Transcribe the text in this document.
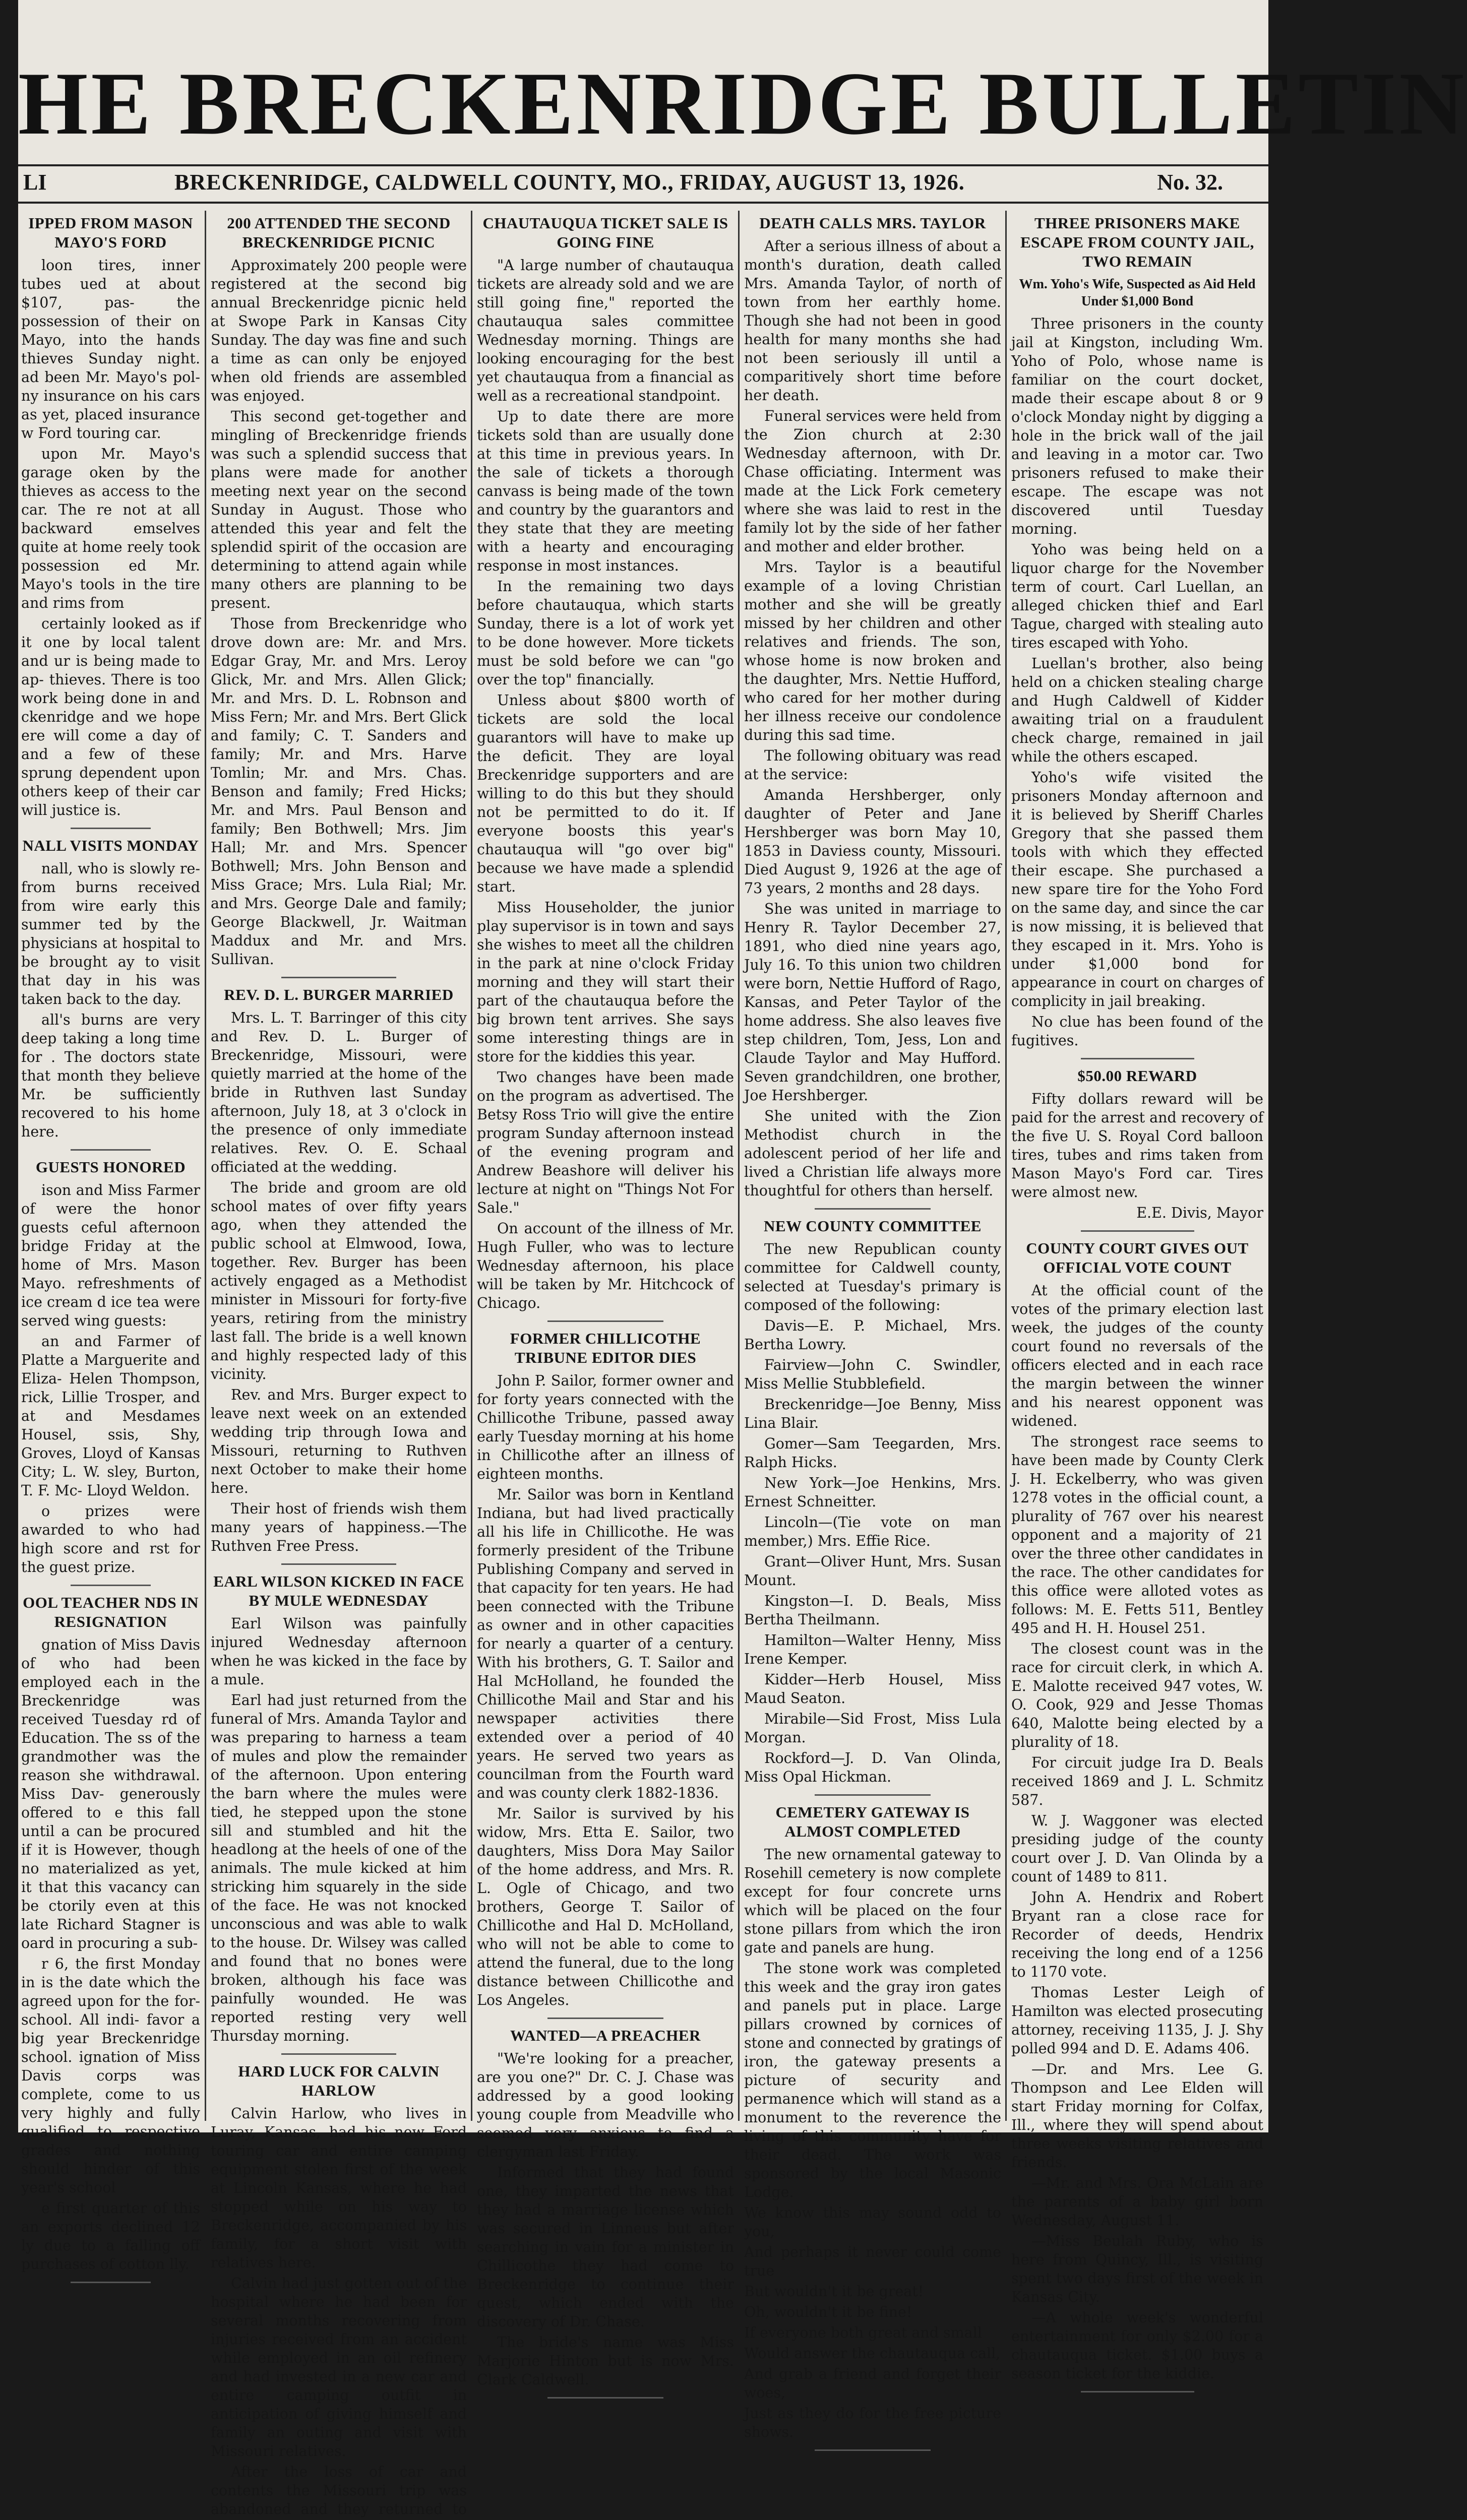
HE BRECKENRIDGE BULLETIN
LI	BRECKENRIDGE, CALDWELL COUNTY, MO., FRIDAY, AUGUST 13, 1926.	No. 32.
IPPED FROM MASON MAYO'S FORD

loon tires, inner tubes ued at about $107, pas- the possession of their on Mayo, into the hands thieves Sunday night. ad been Mr. Mayo's pol- ny insurance on his cars as yet, placed insurance w Ford touring car.

upon Mr. Mayo's garage oken by the thieves as access to the car. The re not at all backward emselves quite at home reely took possession ed Mr. Mayo's tools in the tire and rims from

certainly looked as if it one by local talent and ur is being made to ap- thieves. There is too work being done in and ckenridge and we hope ere will come a day of and a few of these sprung dependent upon others keep of their car will justice is.

NALL VISITS MONDAY

nall, who is slowly re- from burns received from wire early this summer ted by the physicians at hospital to be brought ay to visit that day in his was taken back to the day.

all's burns are very deep taking a long time for . The doctors state that month they believe Mr. be sufficiently recovered to his home here.

GUESTS HONORED

ison and Miss Farmer of were the honor guests ceful afternoon bridge Friday at the home of Mrs. Mason Mayo. refreshments of ice cream d ice tea were served wing guests:

an and Farmer of Platte a Marguerite and Eliza- Helen Thompson, rick, Lillie Trosper, and at and Mesdames Housel, ssis, Shy, Groves, Lloyd of Kansas City; L. W. sley, Burton, T. F. Mc- Lloyd Weldon.

o prizes were awarded to who had high score and rst for the guest prize.

OOL TEACHER NDS IN RESIGNATION

gnation of Miss Davis of who had been employed each in the Breckenridge was received Tuesday rd of Education. The ss of the grandmother was the reason she withdrawal. Miss Dav- generously offered to e this fall until a can be procured if it is However, though no materialized as yet, it that this vacancy can be ctorily even at this late Richard Stagner is oard in procuring a sub-

r 6, the first Monday in is the date which the agreed upon for the for- school. All indi- favor a big year Breckenridge school. ignation of Miss Davis corps was complete, come to us very highly and fully qualified to respective grades and nothing should hinder of this year's school

e first quarter of this an exports declined 12 ly due to a falling off purchases of cotton lly.

200 ATTENDED THE SECOND BRECKENRIDGE PICNIC

Approximately 200 people were registered at the second big annual Breckenridge picnic held at Swope Park in Kansas City Sunday. The day was fine and such a time as can only be enjoyed when old friends are assembled was enjoyed.

This second get-together and mingling of Breckenridge friends was such a splendid success that plans were made for another meeting next year on the second Sunday in August. Those who attended this year and felt the splendid spirit of the occasion are determining to attend again while many others are planning to be present.

Those from Breckenridge who drove down are: Mr. and Mrs. Edgar Gray, Mr. and Mrs. Leroy Glick, Mr. and Mrs. Allen Glick; Mr. and Mrs. D. L. Robnson and Miss Fern; Mr. and Mrs. Bert Glick and family; C. T. Sanders and family; Mr. and Mrs. Harve Tomlin; Mr. and Mrs. Chas. Benson and family; Fred Hicks; Mr. and Mrs. Paul Benson and family; Ben Bothwell; Mrs. Jim Hall; Mr. and Mrs. Spencer Bothwell; Mrs. John Benson and Miss Grace; Mrs. Lula Rial; Mr. and Mrs. George Dale and family; George Blackwell, Jr. Waitman Maddux and Mr. and Mrs. Sullivan.

REV. D. L. BURGER MARRIED

Mrs. L. T. Barringer of this city and Rev. D. L. Burger of Breckenridge, Missouri, were quietly married at the home of the bride in Ruthven last Sunday afternoon, July 18, at 3 o'clock in the presence of only immediate relatives. Rev. O. E. Schaal officiated at the wedding.

The bride and groom are old school mates of over fifty years ago, when they attended the public school at Elmwood, Iowa, together. Rev. Burger has been actively engaged as a Methodist minister in Missouri for forty-five years, retiring from the ministry last fall. The bride is a well known and highly respected lady of this vicinity.

Rev. and Mrs. Burger expect to leave next week on an extended wedding trip through Iowa and Missouri, returning to Ruthven next October to make their home here.

Their host of friends wish them many years of happiness.—The Ruthven Free Press.

EARL WILSON KICKED IN FACE BY MULE WEDNESDAY

Earl Wilson was painfully injured Wednesday afternoon when he was kicked in the face by a mule.

Earl had just returned from the funeral of Mrs. Amanda Taylor and was preparing to harness a team of mules and plow the remainder of the afternoon. Upon entering the barn where the mules were tied, he stepped upon the stone sill and stumbled and hit the headlong at the heels of one of the animals. The mule kicked at him stricking him squarely in the side of the face. He was not knocked unconscious and was able to walk to the house. Dr. Wilsey was called and found that no bones were broken, although his face was painfully wounded. He was reported resting very well Thursday morning.

HARD LUCK FOR CALVIN HARLOW

Calvin Harlow, who lives in Luray, Kansas, had his new Ford touring car and entire camping equipment stolen first of the week at Lincoln Kansas, where he had stopped while on his way to Breckenridge, accompanied by his family, for a short visit with relatives here.

Calvin had just gotten out of the hospital where he had been for several months recovering from injuries received from an accident while employed in an oil refinery and had invested in a new car and entire camping outfit in anticipation of giving himself and family an outing and visit with Missouri relatives.

After the loss of car and contents the Missouri trip was abandoned and they returned to

CHAUTAUQUA TICKET SALE IS GOING FINE

"A large number of chautauqua tickets are already sold and we are still going fine," reported the chautauqua sales committee Wednesday morning. Things are looking encouraging for the best yet chautauqua from a financial as well as a recreational standpoint.

Up to date there are more tickets sold than are usually done at this time in previous years. In the sale of tickets a thorough canvass is being made of the town and country by the guarantors and they state that they are meeting with a hearty and encouraging response in most instances.

In the remaining two days before chautauqua, which starts Sunday, there is a lot of work yet to be done however. More tickets must be sold before we can "go over the top" financially.

Unless about $800 worth of tickets are sold the local guarantors will have to make up the deficit. They are loyal Breckenridge supporters and are willing to do this but they should not be permitted to do it. If everyone boosts this year's chautauqua will "go over big" because we have made a splendid start.

Miss Householder, the junior play supervisor is in town and says she wishes to meet all the children in the park at nine o'clock Friday morning and they will start their part of the chautauqua before the big brown tent arrives. She says some interesting things are in store for the kiddies this year.

Two changes have been made on the program as advertised. The Betsy Ross Trio will give the entire program Sunday afternoon instead of the evening program and Andrew Beashore will deliver his lecture at night on "Things Not For Sale."

On account of the illness of Mr. Hugh Fuller, who was to lecture Wednesday afternoon, his place will be taken by Mr. Hitchcock of Chicago.

FORMER CHILLICOTHE TRIBUNE EDITOR DIES

John P. Sailor, former owner and for forty years connected with the Chillicothe Tribune, passed away early Tuesday morning at his home in Chillicothe after an illness of eighteen months.

Mr. Sailor was born in Kentland Indiana, but had lived practically all his life in Chillicothe. He was formerly president of the Tribune Publishing Company and served in that capacity for ten years. He had been connected with the Tribune as owner and in other capacities for nearly a quarter of a century. With his brothers, G. T. Sailor and Hal McHolland, he founded the Chillicothe Mail and Star and his newspaper activities there extended over a period of 40 years. He served two years as councilman from the Fourth ward and was county clerk 1882-1836.

Mr. Sailor is survived by his widow, Mrs. Etta E. Sailor, two daughters, Miss Dora May Sailor of the home address, and Mrs. R. L. Ogle of Chicago, and two brothers, George T. Sailor of Chillicothe and Hal D. McHolland, who will not be able to come to attend the funeral, due to the long distance between Chillicothe and Los Angeles.

WANTED—A PREACHER

"We're looking for a preacher, are you one?" Dr. C. J. Chase was addressed by a good looking young couple from Meadville who seemed very anxious to find a clergyman last Friday.

Informed that they had found one, they imparted the news that they had a marriage license which was secured in Linneus but after searching in vain for a minister in Chillicothe they had come to Breckenridge to continue their quest, which ended with the discovery of Dr. Chase.

The bride's name was Miss Marjorie Hinton but is now Mrs. Clark Caldwell.

DEATH CALLS MRS. TAYLOR

After a serious illness of about a month's duration, death called Mrs. Amanda Taylor, of north of town from her earthly home. Though she had not been in good health for many months she had not been seriously ill until a comparitively short time before her death.

Funeral services were held from the Zion church at 2:30 Wednesday afternoon, with Dr. Chase officiating. Interment was made at the Lick Fork cemetery where she was laid to rest in the family lot by the side of her father and mother and elder brother.

Mrs. Taylor is a beautiful example of a loving Christian mother and she will be greatly missed by her children and other relatives and friends. The son, whose home is now broken and the daughter, Mrs. Nettie Hufford, who cared for her mother during her illness receive our condolence during this sad time.

The following obituary was read at the service:

Amanda Hershberger, only daughter of Peter and Jane Hershberger was born May 10, 1853 in Daviess county, Missouri. Died August 9, 1926 at the age of 73 years, 2 months and 28 days.

She was united in marriage to Henry R. Taylor December 27, 1891, who died nine years ago, July 16. To this union two children were born, Nettie Hufford of Rago, Kansas, and Peter Taylor of the home address. She also leaves five step children, Tom, Jess, Lon and Claude Taylor and May Hufford. Seven grandchildren, one brother, Joe Hershberger.

She united with the Zion Methodist church in the adolescent period of her life and lived a Christian life always more thoughtful for others than herself.

NEW COUNTY COMMITTEE

The new Republican county committee for Caldwell county, selected at Tuesday's primary is composed of the following:

Davis—E. P. Michael, Mrs. Bertha Lowry.

Fairview—John C. Swindler, Miss Mellie Stubblefield.

Breckenridge—Joe Benny, Miss Lina Blair.

Gomer—Sam Teegarden, Mrs. Ralph Hicks.

New York—Joe Henkins, Mrs. Ernest Schneitter.

Lincoln—(Tie vote on man member,) Mrs. Effie Rice.

Grant—Oliver Hunt, Mrs. Susan Mount.

Kingston—I. D. Beals, Miss Bertha Theilmann.

Hamilton—Walter Henny, Miss Irene Kemper.

Kidder—Herb Housel, Miss Maud Seaton.

Mirabile—Sid Frost, Miss Lula Morgan.

Rockford—J. D. Van Olinda, Miss Opal Hickman.

CEMETERY GATEWAY IS ALMOST COMPLETED

The new ornamental gateway to Rosehill cemetery is now complete except for four concrete urns which will be placed on the four stone pillars from which the iron gate and panels are hung.

The stone work was completed this week and the gray iron gates and panels put in place. Large pillars crowned by cornices of stone and connected by gratings of iron, the gateway presents a picture of security and permanence which will stand as a monument to the reverence the living of this community have for their dead. The work was sponsored by the local Masonic Lodge.

We know this may sound odd to you,

And perhaps it never could come true

But wouldn't it be great!

Oh, wouldn't it be fine!

If everyone both great and small

Would answer the chautauqua call,

And grab a friend and forget their woes,

Just as they do for the free picture shows.

THREE PRISONERS MAKE ESCAPE FROM COUNTY JAIL, TWO REMAIN
Wm. Yoho's Wife, Suspected as Aid Held Under $1,000 Bond

Three prisoners in the county jail at Kingston, including Wm. Yoho of Polo, whose name is familiar on the court docket, made their escape about 8 or 9 o'clock Monday night by digging a hole in the brick wall of the jail and leaving in a motor car. Two prisoners refused to make their escape. The escape was not discovered until Tuesday morning.

Yoho was being held on a liquor charge for the November term of court. Carl Luellan, an alleged chicken thief and Earl Tague, charged with stealing auto tires escaped with Yoho.

Luellan's brother, also being held on a chicken stealing charge and Hugh Caldwell of Kidder awaiting trial on a fraudulent check charge, remained in jail while the others escaped.

Yoho's wife visited the prisoners Monday afternoon and it is believed by Sheriff Charles Gregory that she passed them tools with which they effected their escape. She purchased a new spare tire for the Yoho Ford on the same day, and since the car is now missing, it is believed that they escaped in it. Mrs. Yoho is under $1,000 bond for appearance in court on charges of complicity in jail breaking.

No clue has been found of the fugitives.

$50.00 REWARD

Fifty dollars reward will be paid for the arrest and recovery of the five U. S. Royal Cord balloon tires, tubes and rims taken from Mason Mayo's Ford car. Tires were almost new.

E.E. Divis, Mayor

COUNTY COURT GIVES OUT OFFICIAL VOTE COUNT

At the official count of the votes of the primary election last week, the judges of the county court found no reversals of the officers elected and in each race the margin between the winner and his nearest opponent was widened.

The strongest race seems to have been made by County Clerk J. H. Eckelberry, who was given 1278 votes in the official count, a plurality of 767 over his nearest opponent and a majority of 21 over the three other candidates in the race. The other candidates for this office were alloted votes as follows: M. E. Fetts 511, Bentley 495 and H. H. Housel 251.

The closest count was in the race for circuit clerk, in which A. E. Malotte received 947 votes, W. O. Cook, 929 and Jesse Thomas 640, Malotte being elected by a plurality of 18.

For circuit judge Ira D. Beals received 1869 and J. L. Schmitz 587.

W. J. Waggoner was elected presiding judge of the county court over J. D. Van Olinda by a count of 1489 to 811.

John A. Hendrix and Robert Bryant ran a close race for Recorder of deeds, Hendrix receiving the long end of a 1256 to 1170 vote.

Thomas Lester Leigh of Hamilton was elected prosecuting attorney, receiving 1135, J. J. Shy polled 994 and D. E. Adams 406.

—Dr. and Mrs. Lee G. Thompson and Lee Elden will start Friday morning for Colfax, Ill., where they will spend about three weeks visiting relatives and friends.

—Mr. and Mrs. Ora McLain are the parents of a baby girl born Wednesday, August 11.

—Miss Beulah Ruby, who is here from Quincy, Ill., is visiting spent two days first of the week in Kansas City.

—A whole week's wonderful entertainment for only $2.00 for a chautauqua ticket. $1.00 buys a season ticket for the kiddie.
